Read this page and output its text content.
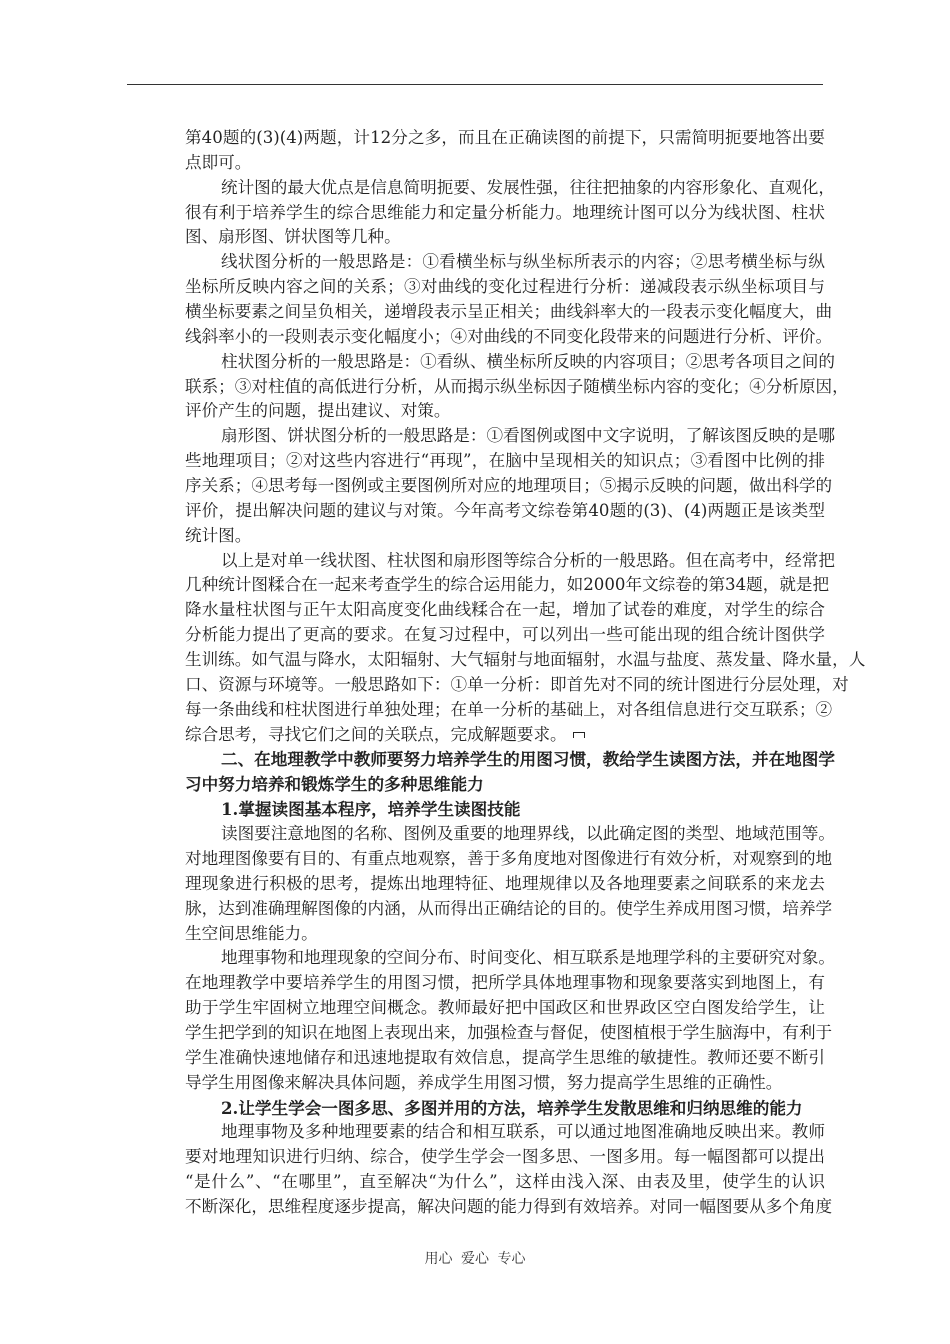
第40题的(3)(4)两题，计12分之多，而且在正确读图的前提下，只需简明扼要地答出要
点即可。
统计图的最大优点是信息简明扼要、发展性强，往往把抽象的内容形象化、直观化，
很有利于培养学生的综合思维能力和定量分析能力。地理统计图可以分为线状图、柱状
图、扇形图、饼状图等几种。
线状图分析的一般思路是：①看横坐标与纵坐标所表示的内容；②思考横坐标与纵
坐标所反映内容之间的关系；③对曲线的变化过程进行分析：递减段表示纵坐标项目与
横坐标要素之间呈负相关，递增段表示呈正相关；曲线斜率大的一段表示变化幅度大，曲
线斜率小的一段则表示变化幅度小；④对曲线的不同变化段带来的问题进行分析、评价。
柱状图分析的一般思路是：①看纵、横坐标所反映的内容项目；②思考各项目之间的
联系；③对柱值的高低进行分析，从而揭示纵坐标因子随横坐标内容的变化；④分析原因，
评价产生的问题，提出建议、对策。
扇形图、饼状图分析的一般思路是：①看图例或图中文字说明，了解该图反映的是哪
些地理项目；②对这些内容进行“再现”，在脑中呈现相关的知识点；③看图中比例的排
序关系；④思考每一图例或主要图例所对应的地理项目；⑤揭示反映的问题，做出科学的
评价，提出解决问题的建议与对策。今年高考文综卷第40题的(3)、(4)两题正是该类型
统计图。
以上是对单一线状图、柱状图和扇形图等综合分析的一般思路。但在高考中，经常把
几种统计图糅合在一起来考查学生的综合运用能力，如2000年文综卷的第34题，就是把
降水量柱状图与正午太阳高度变化曲线糅合在一起，增加了试卷的难度，对学生的综合
分析能力提出了更高的要求。在复习过程中，可以列出一些可能出现的组合统计图供学
生训练。如气温与降水，太阳辐射、大气辐射与地面辐射，水温与盐度、蒸发量、降水量，人
口、资源与环境等。一般思路如下：①单一分析：即首先对不同的统计图进行分层处理，对
每一条曲线和柱状图进行单独处理；在单一分析的基础上，对各组信息进行交互联系；②
综合思考，寻找它们之间的关联点，完成解题要求。
二、在地理教学中教师要努力培养学生的用图习惯，教给学生读图方法，并在地图学
习中努力培养和锻炼学生的多种思维能力
1.掌握读图基本程序，培养学生读图技能
读图要注意地图的名称、图例及重要的地理界线，以此确定图的类型、地域范围等。
对地理图像要有目的、有重点地观察，善于多角度地对图像进行有效分析，对观察到的地
理现象进行积极的思考，提炼出地理特征、地理规律以及各地理要素之间联系的来龙去
脉，达到准确理解图像的内涵，从而得出正确结论的目的。使学生养成用图习惯，培养学
生空间思维能力。
地理事物和地理现象的空间分布、时间变化、相互联系是地理学科的主要研究对象。
在地理教学中要培养学生的用图习惯，把所学具体地理事物和现象要落实到地图上，有
助于学生牢固树立地理空间概念。教师最好把中国政区和世界政区空白图发给学生，让
学生把学到的知识在地图上表现出来，加强检查与督促，使图植根于学生脑海中，有利于
学生准确快速地储存和迅速地提取有效信息，提高学生思维的敏捷性。教师还要不断引
导学生用图像来解决具体问题，养成学生用图习惯，努力提高学生思维的正确性。
2.让学生学会一图多思、多图并用的方法，培养学生发散思维和归纳思维的能力
地理事物及多种地理要素的结合和相互联系，可以通过地图准确地反映出来。教师
要对地理知识进行归纳、综合，使学生学会一图多思、一图多用。每一幅图都可以提出
“是什么”、“在哪里”，直至解决“为什么”，这样由浅入深、由表及里，使学生的认识
不断深化，思维程度逐步提高，解决问题的能力得到有效培养。对同一幅图要从多个角度
用心 爱心 专心
